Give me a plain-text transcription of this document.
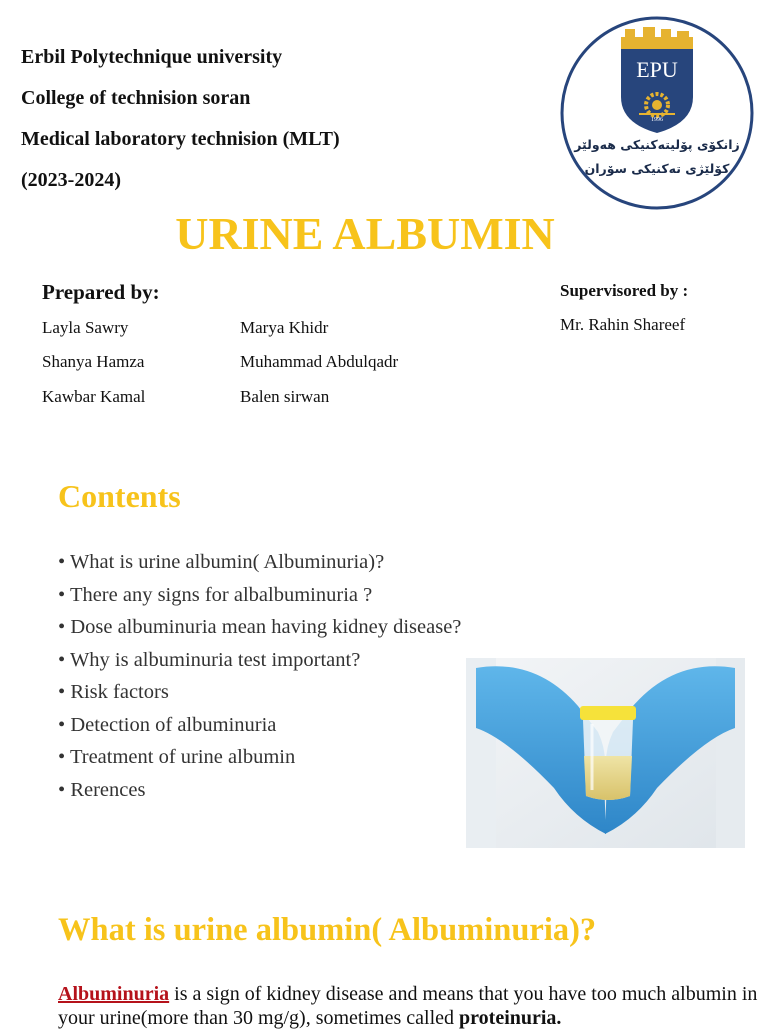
Erbil Polytechnique university
College of technision soran
Medical laboratory technision (MLT)
(2023-2024)
EPU
1996
زانكۆی پۆلیتەكنیكی هەولێر
كۆلێژی تەكنیكی سۆران
URINE ALBUMIN
Prepared by:
Layla Sawry
Shanya Hamza
Kawbar Kamal
Marya Khidr
Muhammad Abdulqadr
Balen sirwan
Supervisored by :
Mr. Rahin Shareef
Contents
• What is urine albumin( Albuminuria)?
• There any signs for albalbuminuria ?
• Dose albuminuria mean having kidney disease?
• Why is albuminuria test important?
• Risk factors
• Detection of albuminuria
• Treatment of urine albumin
• Rerences
What is urine albumin( Albuminuria)?
Albuminuria is a sign of kidney disease and means that you have too much albumin in your urine(more than 30 mg/g), sometimes called proteinuria.
